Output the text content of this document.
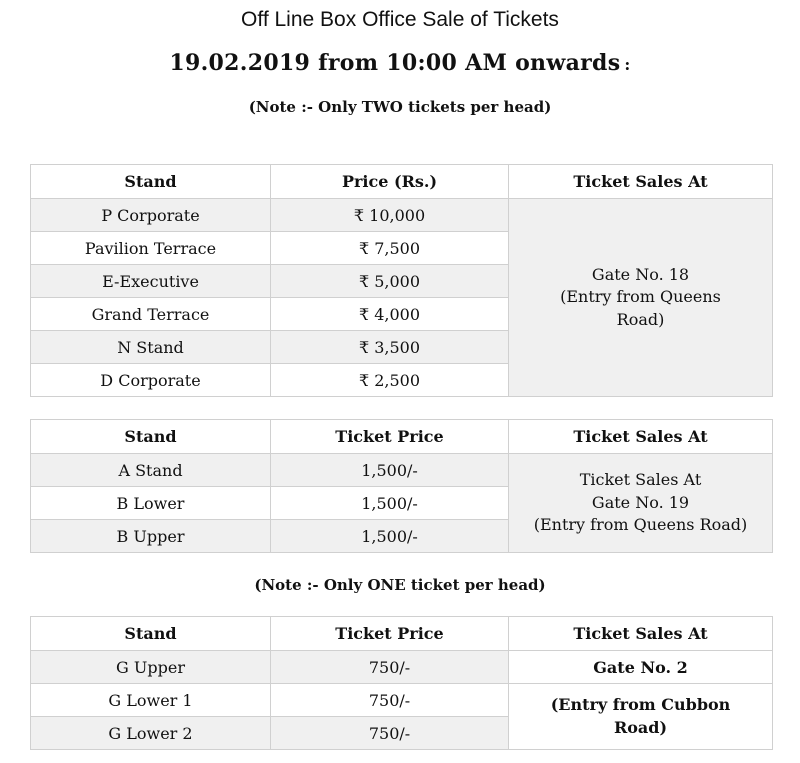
Off Line Box Office Sale of Tickets
19.02.2019 from 10:00 AM onwards :
(Note :- Only TWO tickets per head)
Stand	Price (Rs.)	Ticket Sales At
P Corporate	₹ 10,000	Gate No. 18
(Entry from Queens
Road)

Pavilion Terrace	₹ 7,500	
E-Executive	₹ 5,000	
Grand Terrace	₹ 4,000	
N Stand	₹ 3,500	
D Corporate	₹ 2,500	
Stand	Ticket Price	Ticket Sales At
A Stand	1,500/-	Ticket Sales At
Gate No. 19
(Entry from Queens Road)

B Lower	1,500/-	
B Upper	1,500/-	
(Note :- Only ONE ticket per head)
Stand	Ticket Price	Ticket Sales At
G Upper	750/-	Gate No. 2
G Lower 1	750/-	(Entry from Cubbon
Road)

G Lower 2	750/-	
